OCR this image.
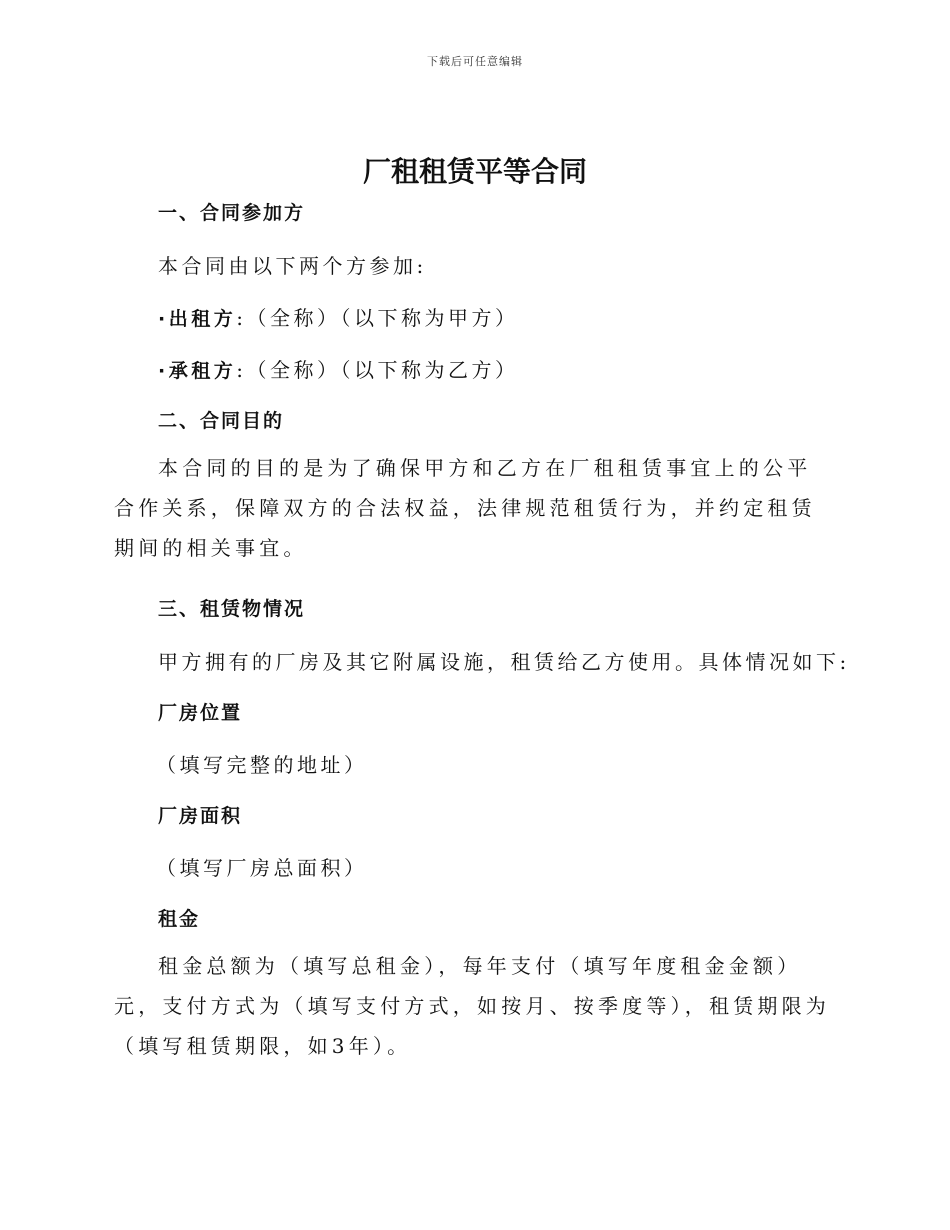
下载后可任意编辑
厂租租赁平等合同
一、合同参加方
本合同由以下两个方参加:
·出租方:（全称）（以下称为甲方）
·承租方:（全称）（以下称为乙方）
二、合同目的
本合同的目的是为了确保甲方和乙方在厂租租赁事宜上的公平合作关系，保障双方的合法权益，法律规范租赁行为，并约定租赁期间的相关事宜。
三、租赁物情况
甲方拥有的厂房及其它附属设施，租赁给乙方使用。具体情况如下:
厂房位置
（填写完整的地址）
厂房面积
（填写厂房总面积）
租金
租金总额为（填写总租金），每年支付（填写年度租金金额）元，支付方式为（填写支付方式，如按月、按季度等），租赁期限为（填写租赁期限，如3年）。
